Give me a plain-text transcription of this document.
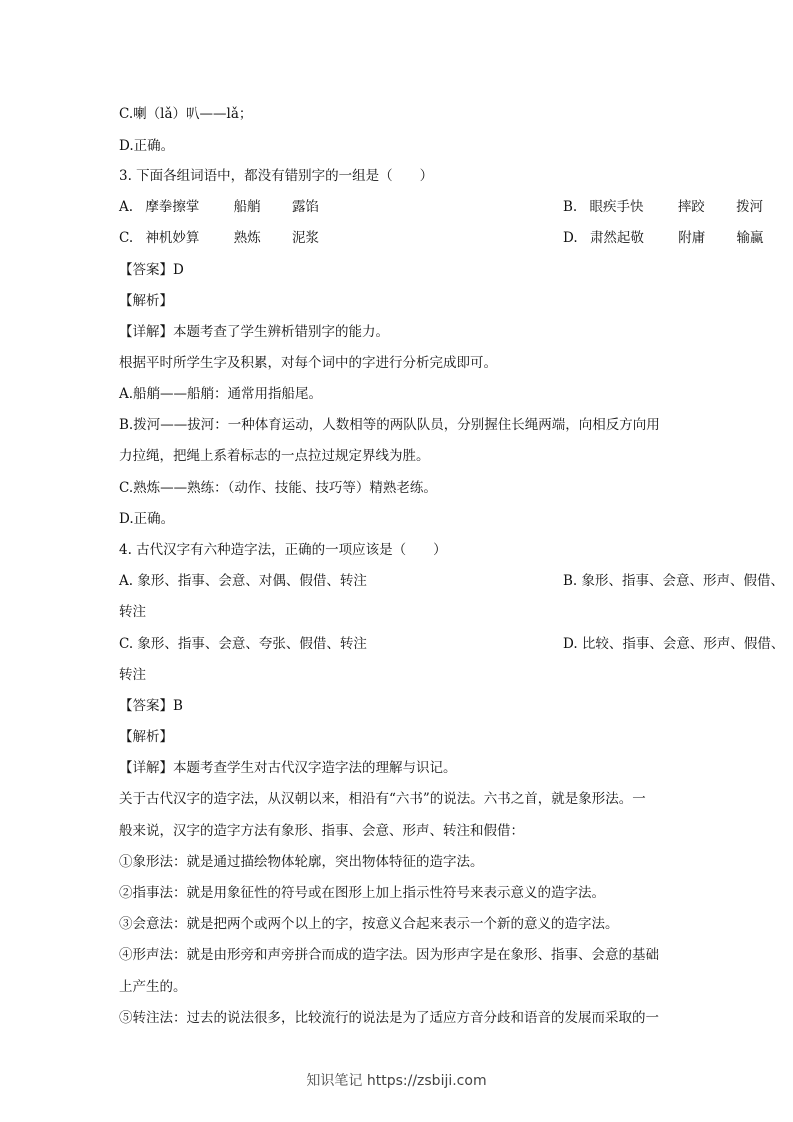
C.喇（lǎ）叭——lǎ；
D.正确。
3. 下面各组词语中，都没有错别字的一组是（　　）
A. 摩拳擦掌	船艄 露馅	B. 眼疾手快	摔跤 拨河
C. 神机妙算	熟炼 泥浆	D. 肃然起敬	附庸 输赢
【答案】D
【解析】
【详解】本题考查了学生辨析错别字的能力。
根据平时所学生字及积累，对每个词中的字进行分析完成即可。
A.船艄——船艄：通常用指船尾。
B.拨河——拔河：一种体育运动，人数相等的两队队员，分别握住长绳两端，向相反方向用
力拉绳，把绳上系着标志的一点拉过规定界线为胜。
C.熟炼——熟练：（动作、技能、技巧等）精熟老练。
D.正确。
4. 古代汉字有六种造字法，正确的一项应该是（　　）
A. 象形、指事、会意、对偶、假借、转注	B. 象形、指事、会意、形声、假借、
转注
C. 象形、指事、会意、夸张、假借、转注	D. 比较、指事、会意、形声、假借、
转注
【答案】B
【解析】
【详解】本题考查学生对古代汉字造字法的理解与识记。
关于古代汉字的造字法，从汉朝以来，相沿有“六书”的说法。六书之首，就是象形法。一
般来说，汉字的造字方法有象形、指事、会意、形声、转注和假借：
①象形法：就是通过描绘物体轮廓，突出物体特征的造字法。
②指事法：就是用象征性的符号或在图形上加上指示性符号来表示意义的造字法。
③会意法：就是把两个或两个以上的字，按意义合起来表示一个新的意义的造字法。
④形声法：就是由形旁和声旁拼合而成的造字法。因为形声字是在象形、指事、会意的基础
上产生的。
⑤转注法：过去的说法很多，比较流行的说法是为了适应方音分歧和语音的发展而采取的一
知识笔记 https://zsbiji.com
